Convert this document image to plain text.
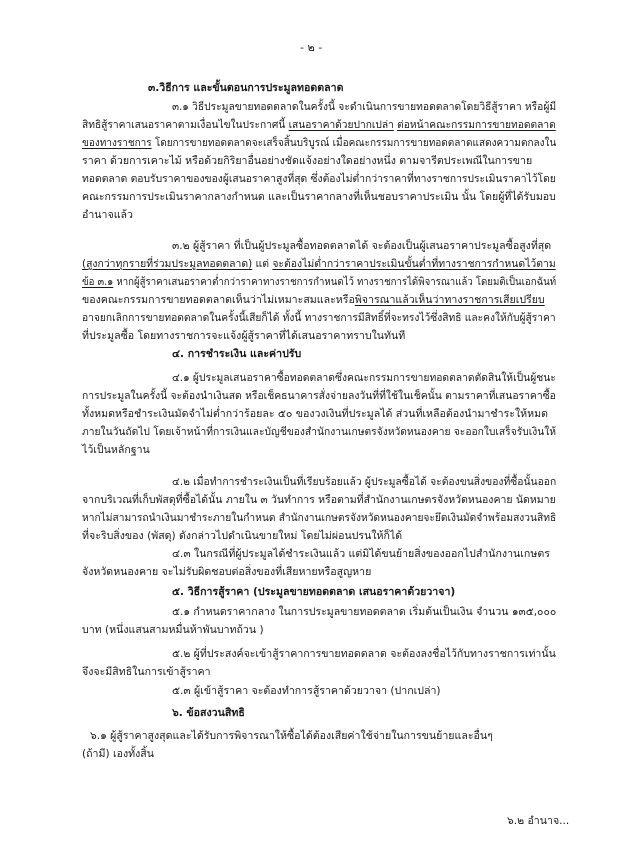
- ๒ -
๓.วิธีการ และขั้นตอนการประมูลทอดตลาด
๓.๑ วิธีประมูลขายทอดตลาดในครั้งนี้ จะดำเนินการขายทอดตลาดโดยวิธีสู้ราคา หรือผู้มี
สิทธิสู้ราคาเสนอราคาตามเงื่อนไขในประกาศนี้ เสนอราคาด้วยปากเปล่า ต่อหน้าคณะกรรมการขายทอดตลาด
ของทางราชการ โดยการขายทอดตลาดจะเสร็จสิ้นบริบูรณ์ เมื่อคณะกรรมการขายทอดตลาดแสดงความตกลงใน
ราคา ด้วยการเคาะไม้ หรือด้วยกิริยาอื่นอย่างชัดแจ้งอย่างใดอย่างหนึ่ง ตามจารีตประเพณีในการขาย
ทอดตลาด ตอบรับราคาของของผู้เสนอราคาสูงที่สุด ซึ่งต้องไม่ต่ำกว่าราคาที่ทางราชการประเมินราคาไว้โดย
คณะกรรมการประเมินราคากลางกำหนด และเป็นราคากลางที่เห็นชอบราคาประเมิน นั้น โดยผู้ที่ได้รับมอบ
อำนาจแล้ว
๓.๒ ผู้สู้ราคา ที่เป็นผู้ประมูลซื้อทอดตลาดได้ จะต้องเป็นผู้เสนอราคาประมูลซื้อสูงที่สุด
(สูงกว่าทุกรายที่ร่วมประมูลทอดตลาด) แต่ จะต้องไม่ต่ำกว่าราคาประเมินขั้นต่ำที่ทางราชการกำหนดไว้ตาม
ข้อ ๓.๑ หากผู้สู้ราคาเสนอราคาต่ำกว่าราคาทางราชการกำหนดไว้ ทางราชการได้พิจารณาแล้ว โดยมติเป็นเอกฉันท์
ของคณะกรรมการขายทอดตลาดเห็นว่าไม่เหมาะสมและหรือพิจารณาแล้วเห็นว่าทางราชการเสียเปรียบ
อาจยกเลิกการขายทอดตลาดในครั้งนี้เสียก็ได้ ทั้งนี้ ทางราชการมีสิทธิ์ที่จะทรงไว้ซึ่งสิทธิ และคงให้กับผู้สู้ราคา
ที่ประมูลซื้อ โดยทางราชการจะแจ้งผู้สู้ราคาที่ได้เสนอราคาทราบในทันที
๔. การชำระเงิน และค่าปรับ
๔.๑ ผู้ประมูลเสนอราคาซื้อทอดตลาดซึ่งคณะกรรมการขายทอดตลาดตัดสินให้เป็นผู้ชนะ
การประมูลในครั้งนี้ จะต้องนำเงินสด หรือเช็คธนาคารสั่งจ่ายลงวันที่ที่ใช้ในเช็คนั้น ตามราคาที่เสนอราคาซื้อ
ทั้งหมดหรือชำระเงินมัดจำไม่ต่ำกว่าร้อยละ ๕๐ ของวงเงินที่ประมูลได้ ส่วนที่เหลือต้องนำมาชำระให้หมด
ภายในวันถัดไป โดยเจ้าหน้าที่การเงินและบัญชีของสำนักงานเกษตรจังหวัดหนองคาย จะออกใบเสร็จรับเงินให้
ไว้เป็นหลักฐาน
๔.๒ เมื่อทำการชำระเงินเป็นที่เรียบร้อยแล้ว ผู้ประมูลซื้อได้ จะต้องขนสิ่งของที่ซื้อนั้นออก
จากบริเวณที่เก็บพัสดุที่ซื้อได้นั้น ภายใน ๓ วันทำการ หรือตามที่สำนักงานเกษตรจังหวัดหนองคาย นัดหมาย
หากไม่สามารถนำเงินมาชำระภายในกำหนด สำนักงานเกษตรจังหวัดหนองคายจะยึดเงินมัดจำพร้อมสงวนสิทธิ
ที่จะริบสิ่งของ (พัสดุ) ดังกล่าวไปดำเนินขายใหม่ โดยไม่ผ่อนปรนให้ก็ได้
๔.๓ ในกรณีที่ผู้ประมูลได้ชำระเงินแล้ว แต่มิได้ขนย้ายสิ่งของออกไปสำนักงานเกษตร
จังหวัดหนองคาย จะไม่รับผิดชอบต่อสิ่งของที่เสียหายหรือสูญหาย
๕. วิธีการสู้ราคา (ประมูลขายทอดตลาด เสนอราคาด้วยวาจา)
๕.๑ กำหนดราคากลาง ในการประมูลขายทอดตลาด เริ่มต้นเป็นเงิน จำนวน ๑๓๕,๐๐๐
บาท (หนึ่งแสนสามหมื่นห้าพันบาทถ้วน )
๕.๒ ผู้ที่ประสงค์จะเข้าสู้ราคาการขายทอดตลาด จะต้องลงชื่อไว้กับทางราชการเท่านั้น
จึงจะมีสิทธิในการเข้าสู้ราคา
๕.๓ ผู้เข้าสู้ราคา จะต้องทำการสู้ราคาด้วยวาจา (ปากเปล่า)
๖. ข้อสงวนสิทธิ
๖.๑ ผู้สู้ราคาสูงสุดและได้รับการพิจารณาให้ซื้อได้ต้องเสียค่าใช้จ่ายในการขนย้ายและอื่นๆ
(ถ้ามี) เองทั้งสิ้น
๖.๒ อำนาจ...
